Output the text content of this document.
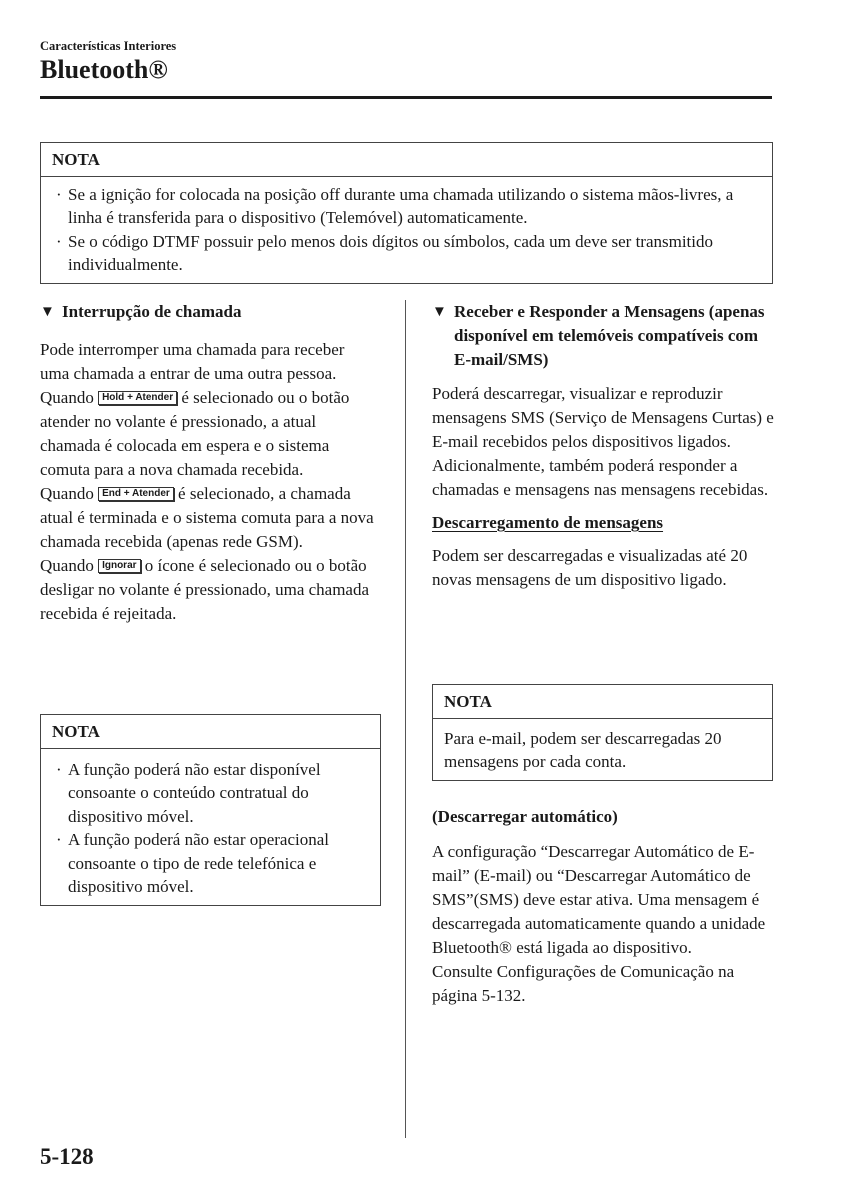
Características Interiores
Bluetooth®
NOTA
· Se a ignição for colocada na posição off durante uma chamada utilizando o sistema mãos-livres, a linha é transferida para o dispositivo (Telemóvel) automaticamente.
· Se o código DTMF possuir pelo menos dois dígitos ou símbolos, cada um deve ser transmitido individualmente.
▼ Interrupção de chamada

Pode interromper uma chamada para receber uma chamada a entrar de uma outra pessoa.

Quando Hold + Atender é selecionado ou o botão atender no volante é pressionado, a atual chamada é colocada em espera e o sistema comuta para a nova chamada recebida.

Quando End + Atender é selecionado, a chamada atual é terminada e o sistema comuta para a nova chamada recebida (apenas rede GSM).

Quando Ignorar o ícone é selecionado ou o botão desligar no volante é pressionado, uma chamada recebida é rejeitada.

NOTA
· A função poderá não estar disponível consoante o conteúdo contratual do dispositivo móvel.
· A função poderá não estar operacional consoante o tipo de rede telefónica e dispositivo móvel.
▼ Receber e Responder a Mensagens (apenas disponível em telemóveis compatíveis com E-mail/SMS)

Poderá descarregar, visualizar e reproduzir mensagens SMS (Serviço de Mensagens Curtas) e E-mail recebidos pelos dispositivos ligados.

Adicionalmente, também poderá responder a chamadas e mensagens nas mensagens recebidas.

Descarregamento de mensagens

Podem ser descarregadas e visualizadas até 20 novas mensagens de um dispositivo ligado.

NOTA
Para e-mail, podem ser descarregadas 20 mensagens por cada conta.

(Descarregar automático)

A configuração “Descarregar Automático de E-mail” (E-mail) ou “Descarregar Automático de SMS”(SMS) deve estar ativa. Uma mensagem é descarregada automaticamente quando a unidade Bluetooth® está ligada ao dispositivo.

Consulte Configurações de Comunicação na página 5-132.

5-128
